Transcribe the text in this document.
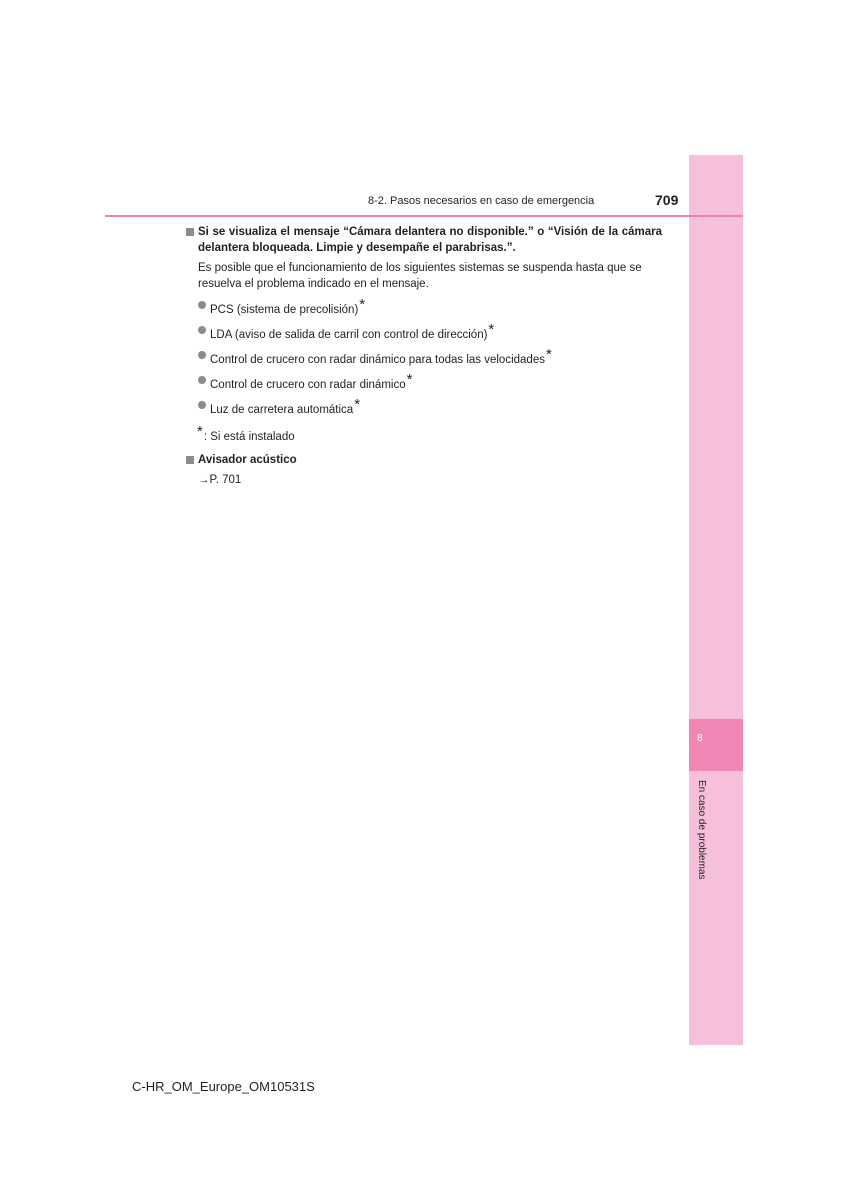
8
En caso de problemas
8-2. Pasos necesarios en caso de emergencia	709
Si se visualiza el mensaje “Cámara delantera no disponible.” o “Visión de la cámara delantera bloqueada. Limpie y desempañe el parabrisas.”.
Es posible que el funcionamiento de los siguientes sistemas se suspenda hasta que se resuelva el problema indicado en el mensaje.
PCS (sistema de precolisión)*
LDA (aviso de salida de carril con control de dirección)*
Control de crucero con radar dinámico para todas las velocidades*
Control de crucero con radar dinámico*
Luz de carretera automática*
*: Si está instalado
Avisador acústico
→P. 701
C-HR_OM_Europe_OM10531S
